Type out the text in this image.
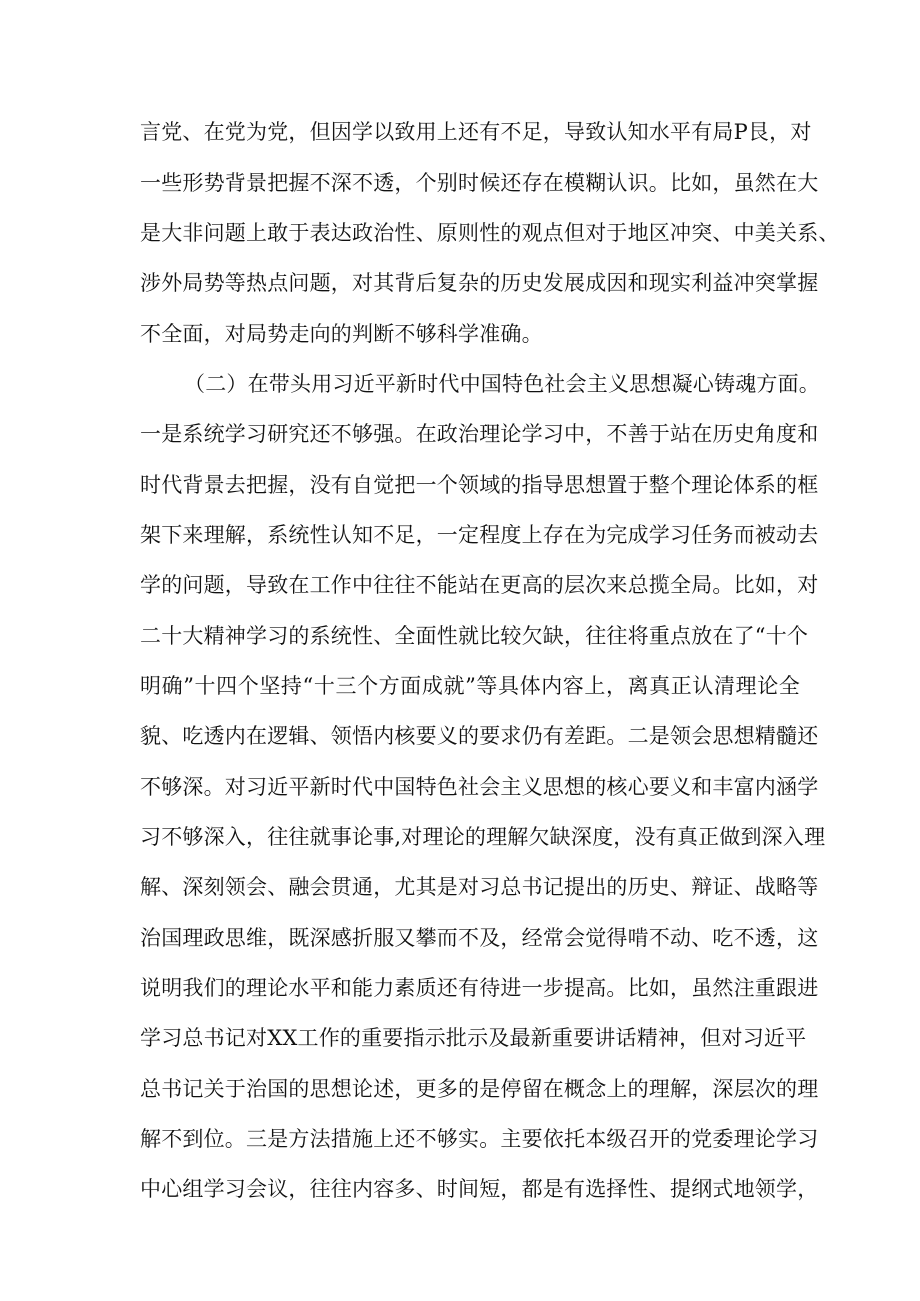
言党、在党为党，但因学以致用上还有不足，导致认知水平有局P艮，对
一些形势背景把握不深不透，个别时候还存在模糊认识。比如，虽然在大
是大非问题上敢于表达政治性、原则性的观点但对于地区冲突、中美关系、
涉外局势等热点问题，对其背后复杂的历史发展成因和现实利益冲突掌握
不全面，对局势走向的判断不够科学准确。
（二）在带头用习近平新时代中国特色社会主义思想凝心铸魂方面。
一是系统学习研究还不够强。在政治理论学习中，不善于站在历史角度和
时代背景去把握，没有自觉把一个领域的指导思想置于整个理论体系的框
架下来理解，系统性认知不足，一定程度上存在为完成学习任务而被动去
学的问题，导致在工作中往往不能站在更高的层次来总揽全局。比如，对
二十大精神学习的系统性、全面性就比较欠缺，往往将重点放在了“十个
明确”十四个坚持“十三个方面成就”等具体内容上，离真正认清理论全
貌、吃透内在逻辑、领悟内核要义的要求仍有差距。二是领会思想精髓还
不够深。对习近平新时代中国特色社会主义思想的核心要义和丰富内涵学
习不够深入，往往就事论事,对理论的理解欠缺深度，没有真正做到深入理
解、深刻领会、融会贯通，尤其是对习总书记提出的历史、辩证、战略等
治国理政思维，既深感折服又攀而不及，经常会觉得啃不动、吃不透，这
说明我们的理论水平和能力素质还有待进一步提高。比如，虽然注重跟进
学习总书记对XX工作的重要指示批示及最新重要讲话精神，但对习近平
总书记关于治国的思想论述，更多的是停留在概念上的理解，深层次的理
解不到位。三是方法措施上还不够实。主要依托本级召开的党委理论学习
中心组学习会议，往往内容多、时间短，都是有选择性、提纲式地领学，
